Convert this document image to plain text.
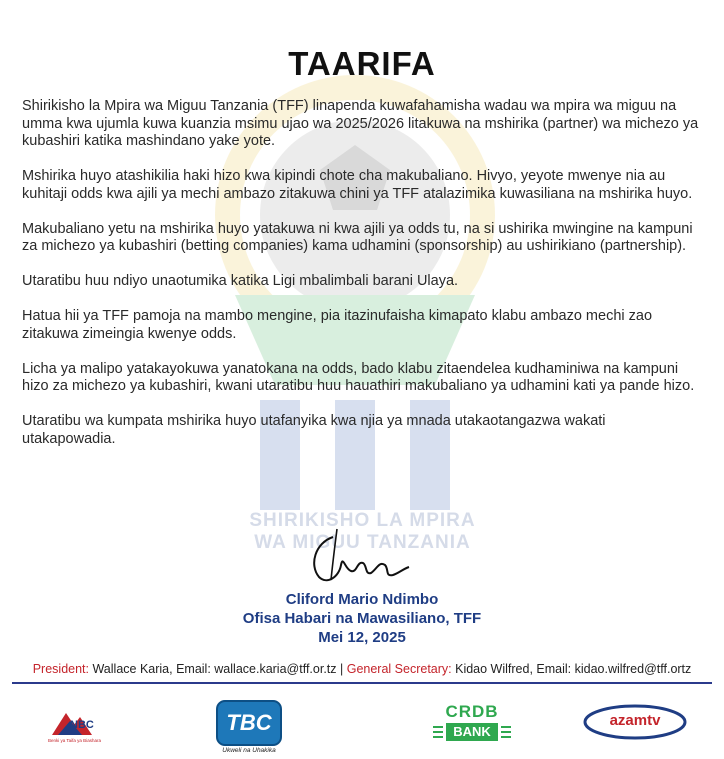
TAARIFA

Shirikisho la Mpira wa Miguu Tanzania (TFF) linapenda kuwafahamisha wadau wa mpira wa miguu na umma kwa ujumla kuwa kuanzia msimu ujao wa 2025/2026 litakuwa na mshirika (partner) wa michezo ya kubashiri katika mashindano yake yote.

Mshirika huyo atashikilia haki hizo kwa kipindi chote cha makubaliano. Hivyo, yeyote mwenye nia au kuhitaji odds kwa ajili ya mechi ambazo zitakuwa chini ya TFF atalazimika kuwasiliana na mshirika huyo.

Makubaliano yetu na mshirika huyo yatakuwa ni kwa ajili ya odds tu, na si ushirika mwingine na kampuni za michezo ya kubashiri (betting companies) kama udhamini (sponsorship) au ushirikiano (partnership).

Utaratibu huu ndiyo unaotumika katika Ligi mbalimbali barani Ulaya.

Hatua hii ya TFF pamoja na mambo mengine, pia itazinufaisha kimapato klabu ambazo mechi zao zitakuwa zimeingia kwenye odds.

Licha ya malipo yatakayokuwa yanatokana na odds, bado klabu zitaendelea kudhaminiwa na kampuni hizo za michezo ya kubashiri, kwani utaratibu huu hauathiri makubaliano ya udhamini kati ya pande hizo.

Utaratibu wa kumpata mshirika huyo utafanyika kwa njia ya mnada utakaotangazwa wakati utakapowadia.

SHIRIKISHO LA MPIRA
WA MIGUU TANZANIA
Cliford Mario Ndimbo
Ofisa Habari na Mawasiliano, TFF
Mei 12, 2025
President: Wallace Karia, Email: wallace.karia@tff.or.tz | General Secretary: Kidao Wilfred, Email: kidao.wilfred@tff.ortz
NBC
Benki ya Taifa ya Biashara
TBC
Ukweli na Uhakika
CRDB
BANK
azamtv
